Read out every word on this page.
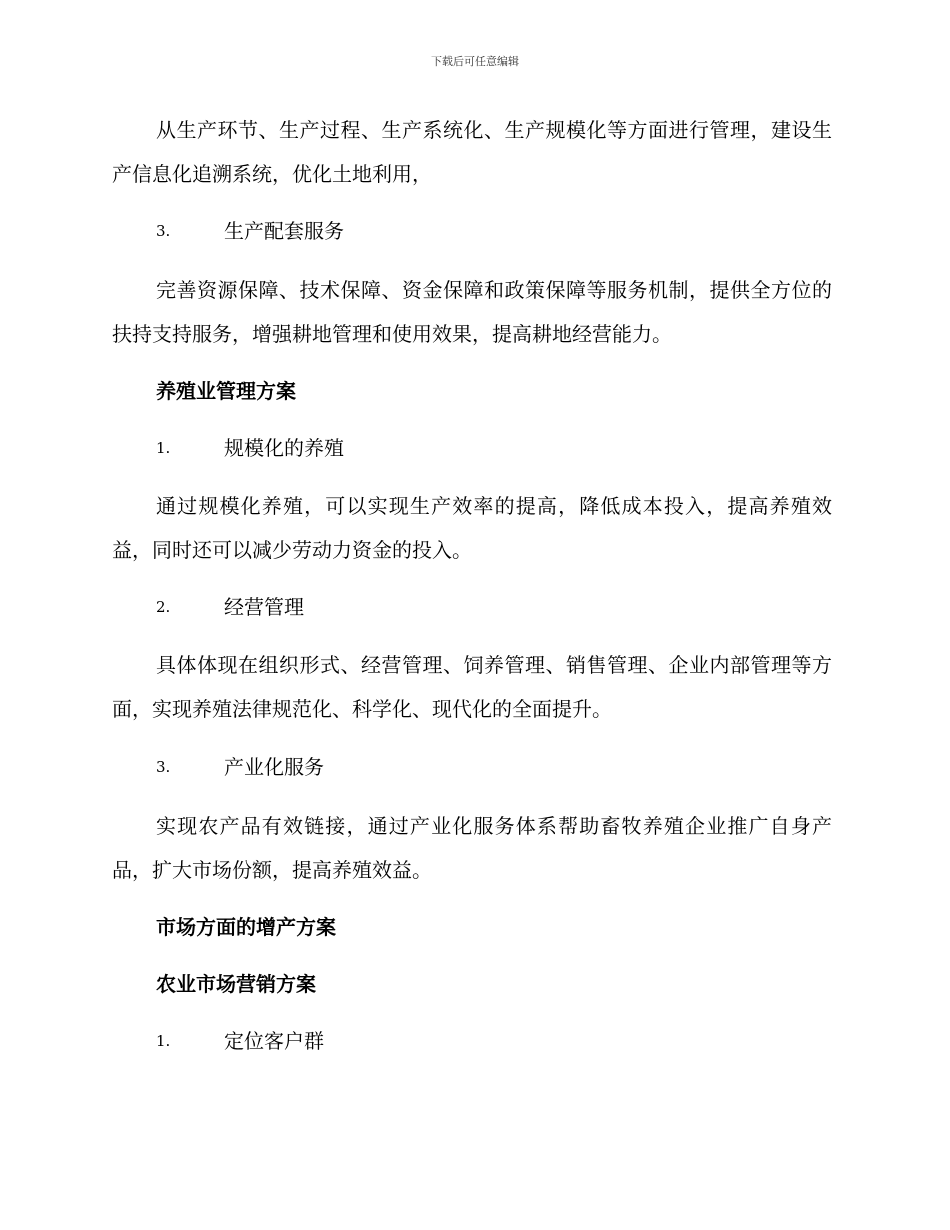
下载后可任意编辑

从生产环节、生产过程、生产系统化、生产规模化等方面进行管理，建设生产信息化追溯系统，优化土地利用，

3.	生产配套服务

完善资源保障、技术保障、资金保障和政策保障等服务机制，提供全方位的扶持支持服务，增强耕地管理和使用效果，提高耕地经营能力。

养殖业管理方案
1.	规模化的养殖

通过规模化养殖，可以实现生产效率的提高，降低成本投入，提高养殖效益，同时还可以减少劳动力资金的投入。

2.	经营管理

具体体现在组织形式、经营管理、饲养管理、销售管理、企业内部管理等方面，实现养殖法律规范化、科学化、现代化的全面提升。

3.	产业化服务

实现农产品有效链接，通过产业化服务体系帮助畜牧养殖企业推广自身产品，扩大市场份额，提高养殖效益。

市场方面的增产方案
农业市场营销方案
1.	定位客户群
